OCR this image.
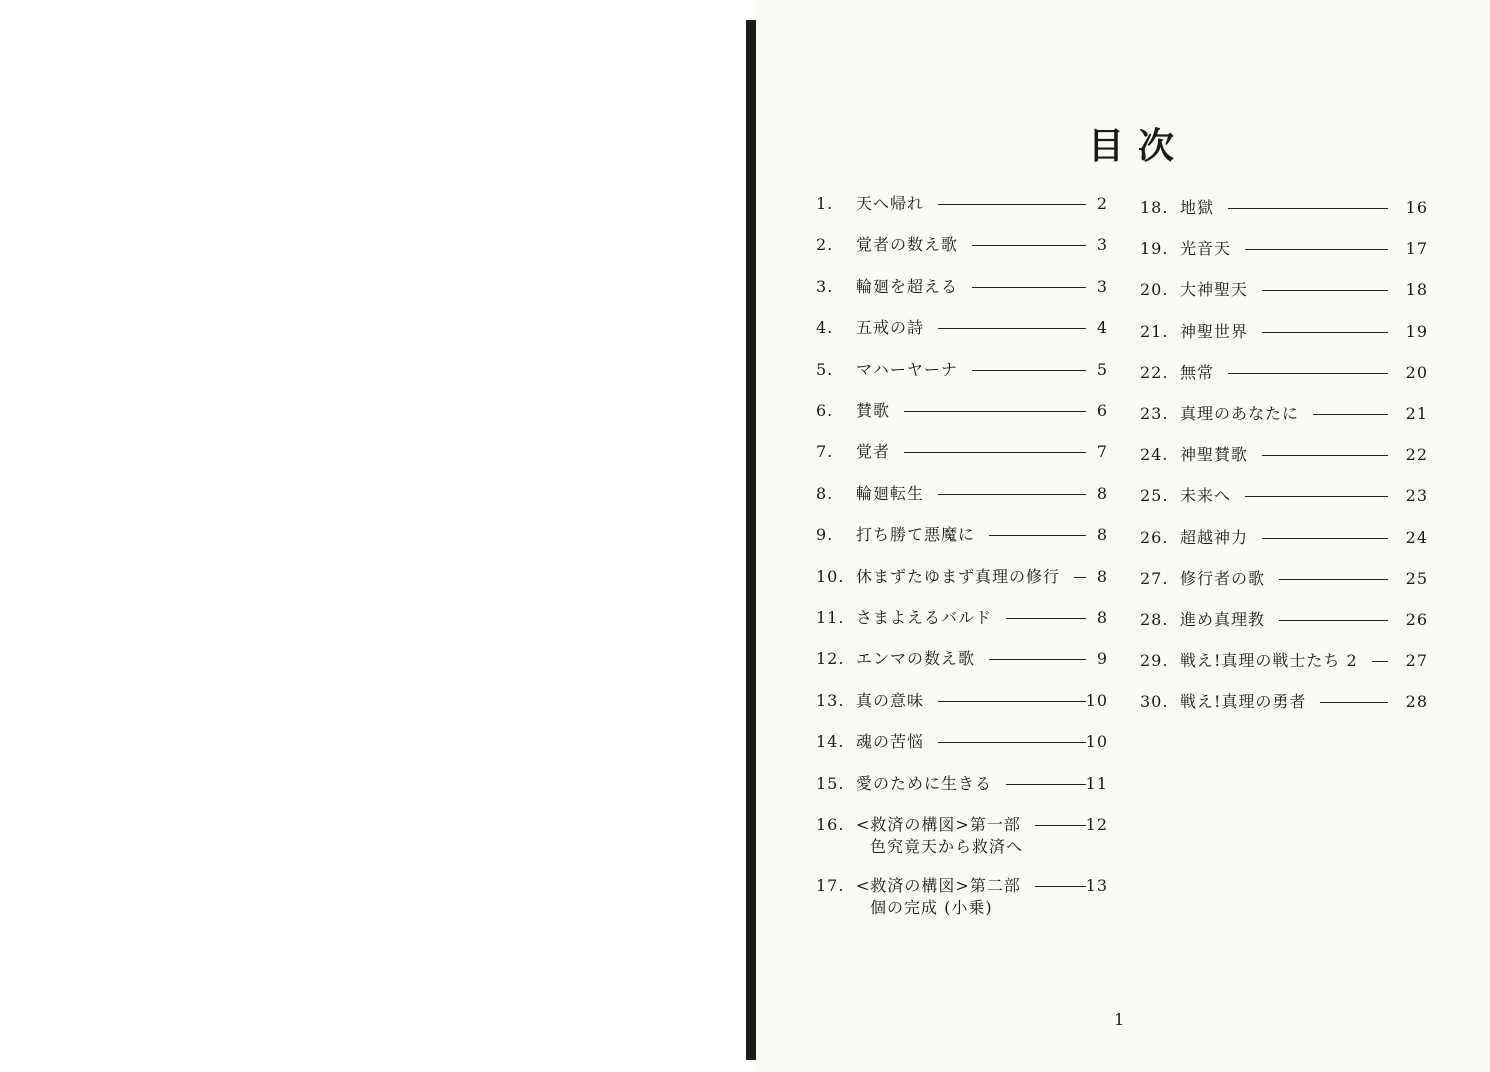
目次
1. 天へ帰れ	2
2. 覚者の数え歌	3
3. 輪廻を超える	3
4. 五戒の詩	4
5. マハーヤーナ	5
6. 賛歌	6
7. 覚者	7
8. 輪廻転生	8
9. 打ち勝て悪魔に	8
10. 休まずたゆまず真理の修行	8
11. さまよえるバルド	8
12. エンマの数え歌	9
13. 真の意味	10
14. 魂の苦悩	10
15. 愛のために生きる	11
16. <救済の構図>第一部	12
色究竟天から救済へ
17. <救済の構図>第二部	13
個の完成 (小乗)
18. 地獄	16
19. 光音天	17
20. 大神聖天	18
21. 神聖世界	19
22. 無常	20
23. 真理のあなたに	21
24. 神聖賛歌	22
25. 未来へ	23
26. 超越神力	24
27. 修行者の歌	25
28. 進め真理教	26
29. 戦え!真理の戦士たち 2	27
30. 戦え!真理の勇者	28
1
